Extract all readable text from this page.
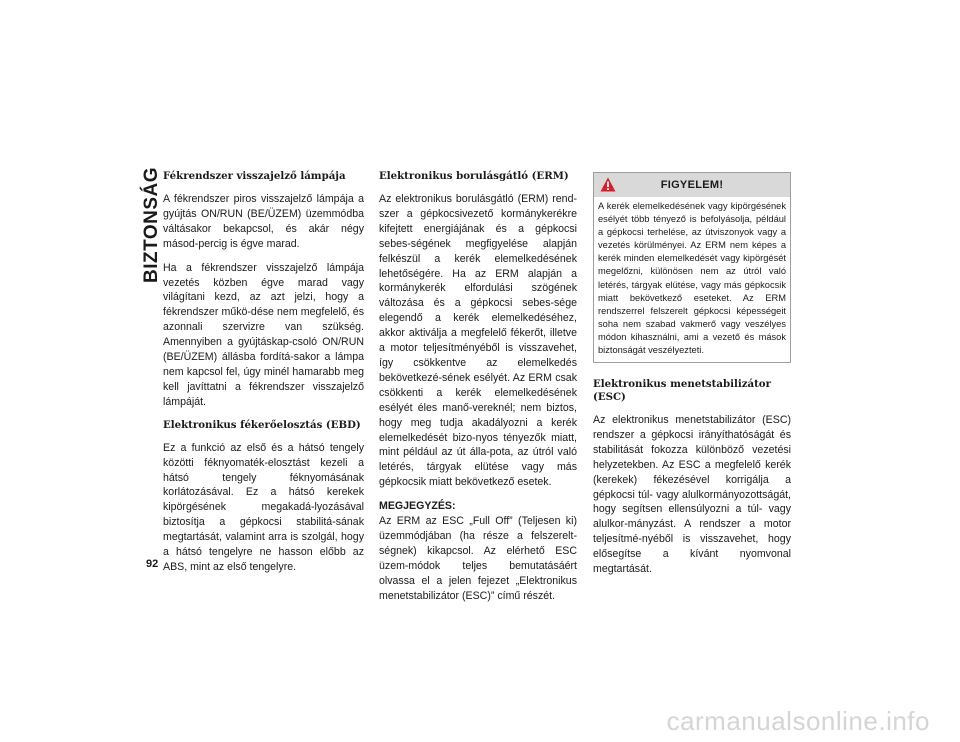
BIZTONSÁG Fékrendszer visszajelző lámpája

A fékrendszer piros visszajelző lámpája a gyújtás ON/RUN (BE/ÜZEM) üzemmódba váltásakor bekapcsol, és akár négy másod-percig is égve marad.

Ha a fékrendszer visszajelző lámpája vezetés közben égve marad vagy világítani kezd, az azt jelzi, hogy a fékrendszer műkö-dése nem megfelelő, és azonnali szervizre van szükség. Amennyiben a gyújtáskap-csoló ON/RUN (BE/ÜZEM) állásba fordítá-sakor a lámpa nem kapcsol fel, úgy minél hamarabb meg kell javíttatni a fékrendszer visszajelző lámpáját.

Elektronikus fékerőelosztás (EBD)

Ez a funkció az első és a hátsó tengely közötti féknyomaték-elosztást kezeli a hátsó tengely féknyomásának korlátozásával. Ez a hátsó kerekek kipörgésének megakadá-lyozásával biztosítja a gépkocsi stabilitá-sának megtartását, valamint arra is szolgál, hogy a hátsó tengelyre ne hasson előbb az ABS, mint az első tengelyre.

Elektronikus borulásgátló (ERM)

Az elektronikus borulásgátló (ERM) rend-szer a gépkocsivezető kormánykerékre kifejtett energiájának és a gépkocsi sebes-ségének megfigyelése alapján felkészül a kerék elemelkedésének lehetőségére. Ha az ERM alapján a kormánykerék elfordulási szögének változása és a gépkocsi sebes-sége elegendő a kerék elemelkedéséhez, akkor aktiválja a megfelelő fékerőt, illetve a motor teljesítményéből is visszavehet, így csökkentve az elemelkedés bekövetkezé-sének esélyét. Az ERM csak csökkenti a kerék elemelkedésének esélyét éles manő-vereknél; nem biztos, hogy meg tudja akadályozni a kerék elemelkedését bizo-nyos tényezők miatt, mint például az út álla-pota, az útról való letérés, tárgyak elütése vagy más gépkocsik miatt bekövetkező esetek.

MEGJEGYZÉS:

Az ERM az ESC „Full Off” (Teljesen ki) üzemmódjában (ha része a felszerelt-ségnek) kikapcsol. Az elérhető ESC üzem-módok teljes bemutatásáért olvassa el a jelen fejezet „Elektronikus menetstabilizátor (ESC)” című részét.

FIGYELEM!

A kerék elemelkedésének vagy kipörgésének esélyét több tényező is befolyásolja, például a gépkocsi terhelése, az útviszonyok vagy a vezetés körülményei. Az ERM nem képes a kerék minden elemelkedését vagy kipörgését megelőzni, különösen nem az útról való letérés, tárgyak elütése, vagy más gépkocsik miatt bekövetkező eseteket. Az ERM rendszerrel felszerelt gépkocsi képességeit soha nem szabad vakmerő vagy veszélyes módon kihasználni, ami a vezető és mások biztonságát veszélyezteti.

Elektronikus menetstabilizátor (ESC)

Az elektronikus menetstabilizátor (ESC) rendszer a gépkocsi irányíthatóságát és stabilitását fokozza különböző vezetési helyzetekben. Az ESC a megfelelő kerék (kerekek) fékezésével korrigálja a gépkocsi túl- vagy alulkormányozottságát, hogy segítsen ellensúlyozni a túl- vagy alulkor-mányzást. A rendszer a motor teljesítmé-nyéből is visszavehet, hogy elősegítse a kívánt nyomvonal megtartását.

92
carmanualsonline.info
